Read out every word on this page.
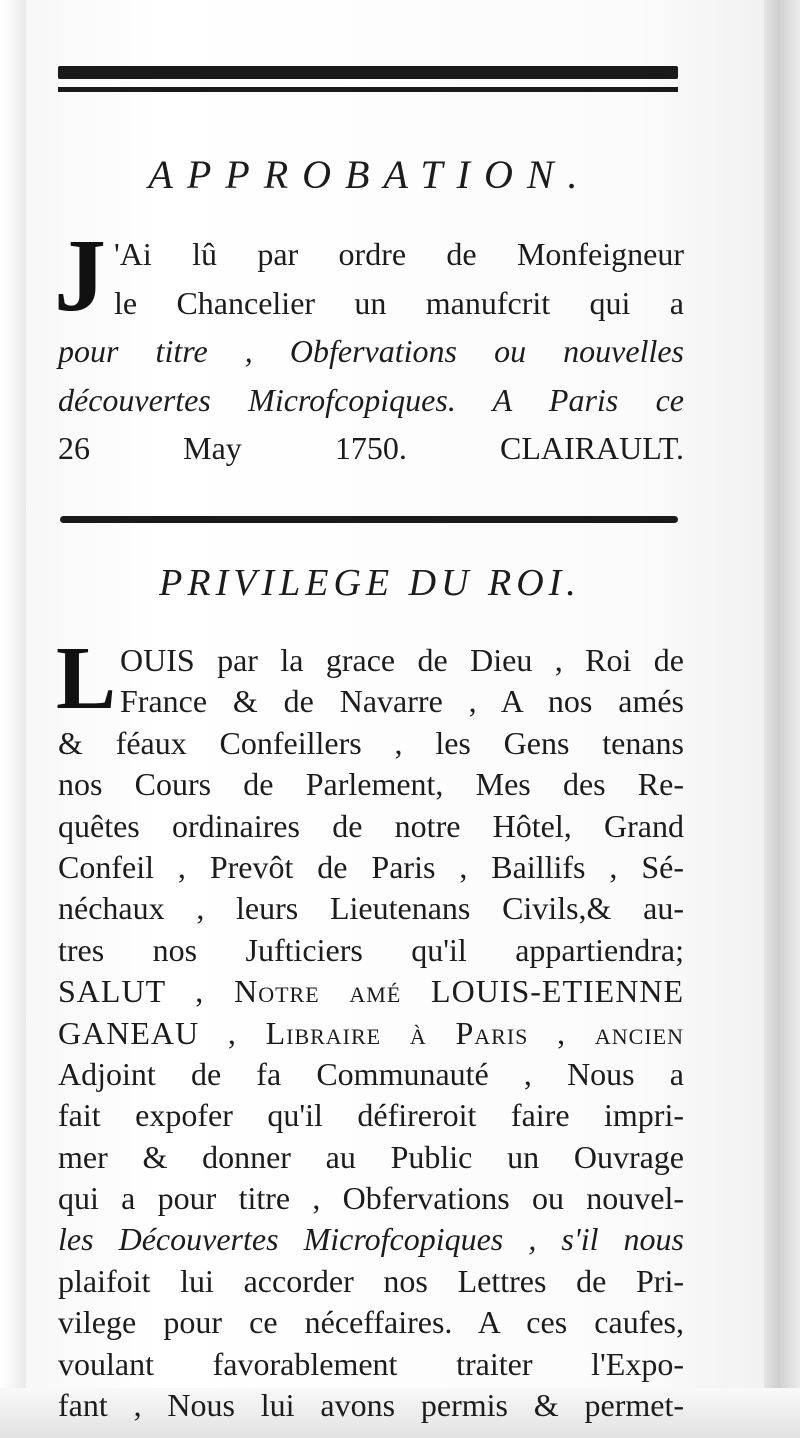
APPROBATION.
J 'Ai lû par ordre de Monfeigneur
le Chancelier un manufcrit qui a
pour titre , Obfervations ou nouvelles
découvertes Microfcopiques. A Paris ce
26 May 1750. CLAIRAULT.
PRIVILEGE DU ROI.
L OUIS par la grace de Dieu , Roi de
France & de Navarre , A nos amés
& féaux Confeillers , les Gens tenans
nos Cours de Parlement, Mes des Re-
quêtes ordinaires de notre Hôtel, Grand
Confeil , Prevôt de Paris , Baillifs , Sé-
néchaux , leurs Lieutenans Civils,& au-
tres nos Jufticiers qu'il appartiendra;
SALUT , Notre amé LOUIS-ETIENNE
GANEAU , Libraire à Paris , ancien
Adjoint de fa Communauté , Nous a
fait expofer qu'il défireroit faire impri-
mer & donner au Public un Ouvrage
qui a pour titre , Obfervations ou nouvel-
les Découvertes Microfcopiques , s'il nous
plaifoit lui accorder nos Lettres de Pri-
vilege pour ce néceffaires. A ces caufes,
voulant favorablement traiter l'Expo-
fant , Nous lui avons permis & permet-
